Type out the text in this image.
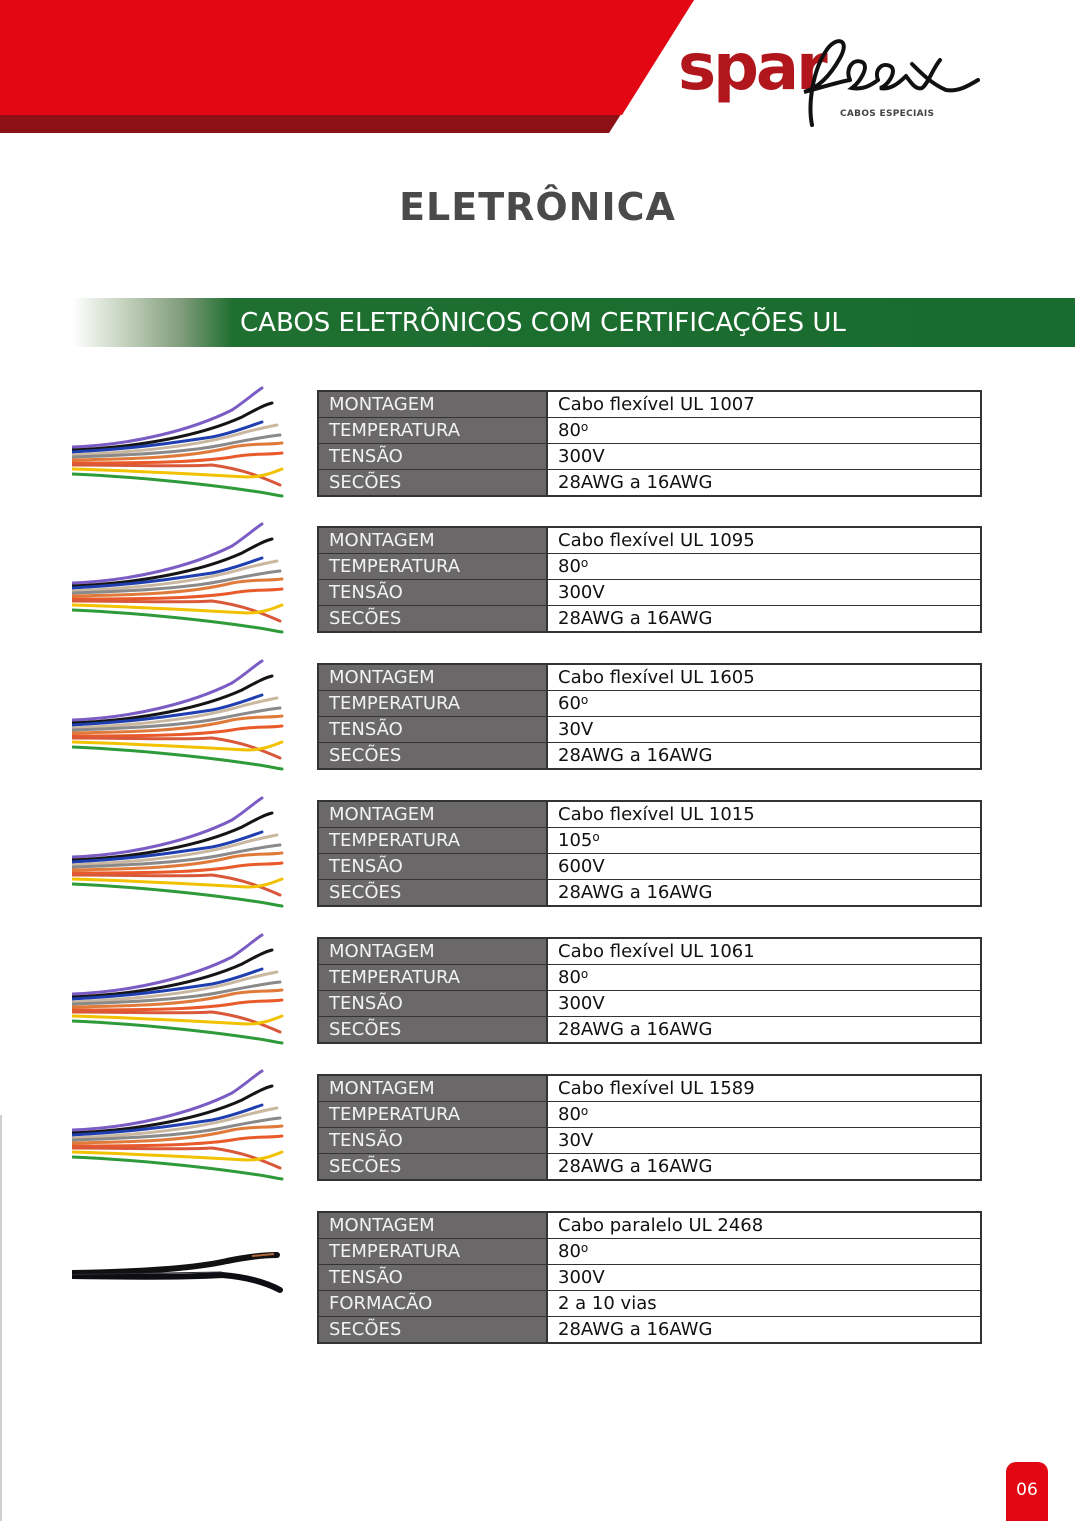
spar
CABOS ESPECIAIS
ELETRÔNICA
CABOS ELETRÔNICOS COM CERTIFICAÇÕES UL
MONTAGEM	Cabo flexível UL 1007
TEMPERATURA	80$^o$
TENSÃO	300V
SECÕES	28AWG a 16AWG
MONTAGEM	Cabo flexível UL 1095
TEMPERATURA	80$^o$
TENSÃO	300V
SECÕES	28AWG a 16AWG
MONTAGEM	Cabo flexível UL 1605
TEMPERATURA	60$^o$
TENSÃO	30V
SECÕES	28AWG a 16AWG
MONTAGEM	Cabo flexível UL 1015
TEMPERATURA	105$^o$
TENSÃO	600V
SECÕES	28AWG a 16AWG
MONTAGEM	Cabo flexível UL 1061
TEMPERATURA	80$^o$
TENSÃO	300V
SECÕES	28AWG a 16AWG
MONTAGEM	Cabo flexível UL 1589
TEMPERATURA	80$^o$
TENSÃO	30V
SECÕES	28AWG a 16AWG
MONTAGEM	Cabo paralelo UL 2468
TEMPERATURA	80$^o$
TENSÃO	300V
FORMACÃO	2 a 10 vias
SECÕES	28AWG a 16AWG
06
